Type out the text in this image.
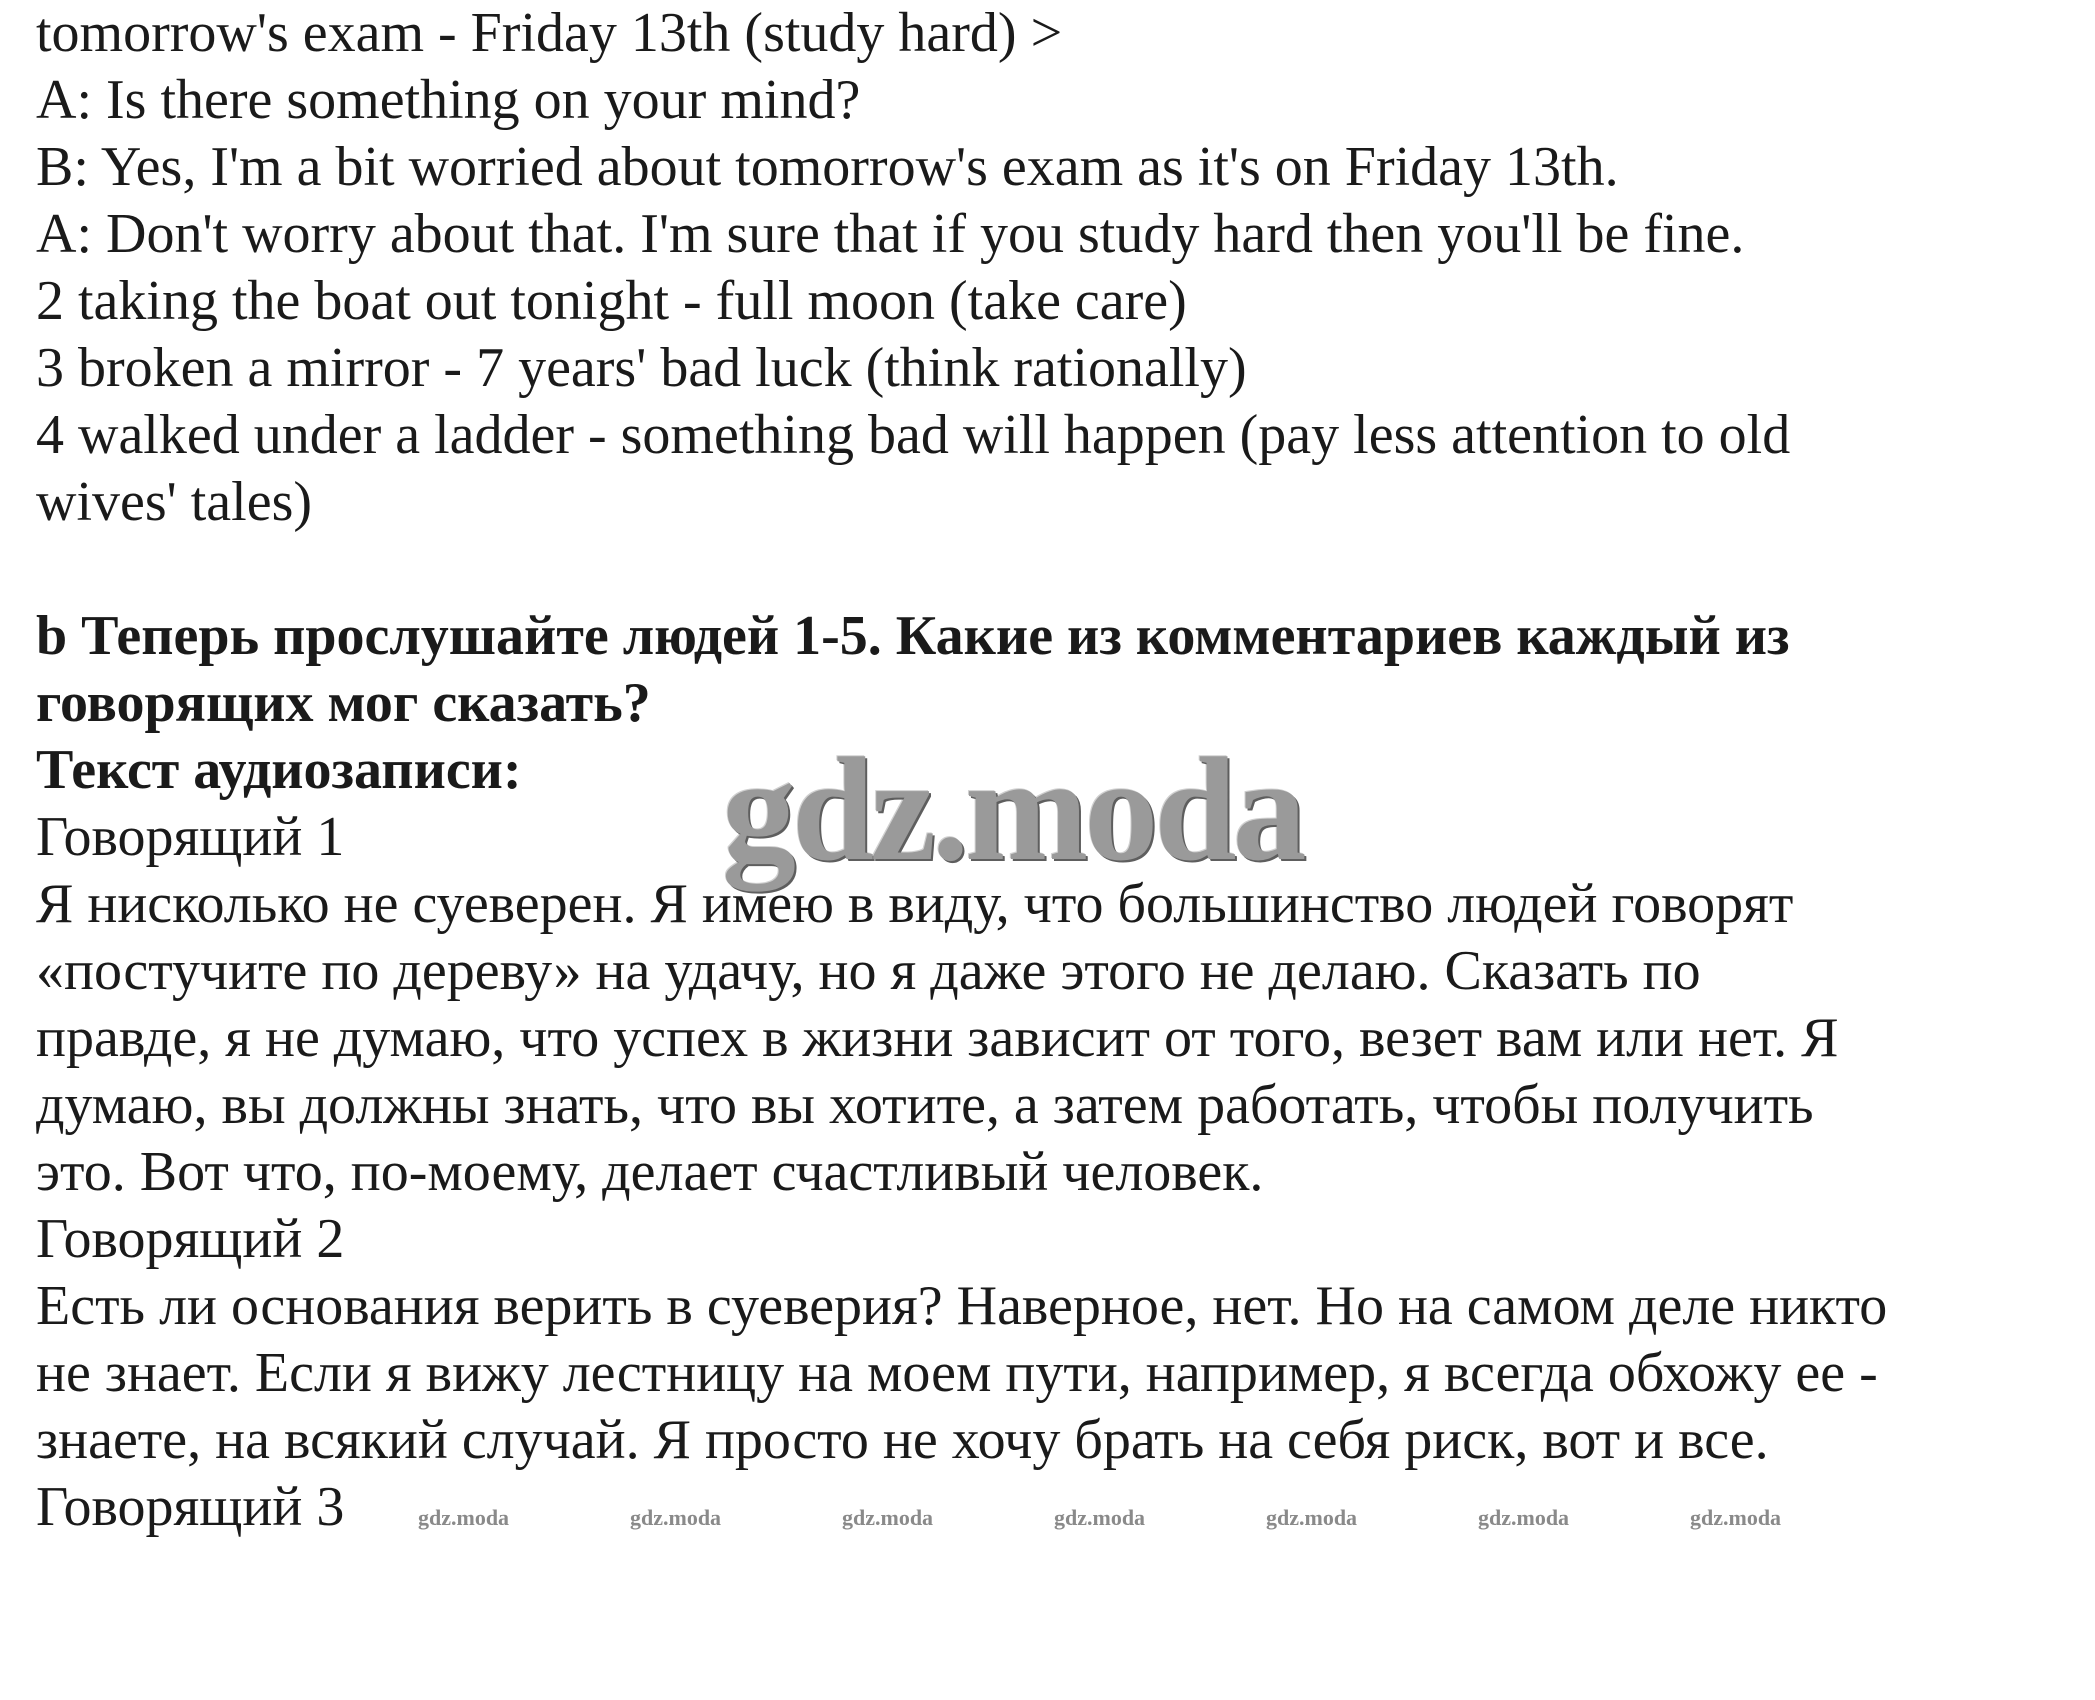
tomorrow's exam - Friday 13th (study hard) >
A: Is there something on your mind?
B: Yes, I'm a bit worried about tomorrow's exam as it's on Friday 13th.
A: Don't worry about that. I'm sure that if you study hard then you'll be fine.
2 taking the boat out tonight - full moon (take care)
3 broken a mirror - 7 years' bad luck (think rationally)
4 walked under a ladder - something bad will happen (pay less attention to old
wives' tales)
b Теперь прослушайте людей 1-5. Какие из комментариев каждый из
говорящих мог сказать?
Текст аудиозаписи:
Говорящий 1
Я нисколько не суеверен. Я имею в виду, что большинство людей говорят
«постучите по дереву» на удачу, но я даже этого не делаю. Сказать по
правде, я не думаю, что успех в жизни зависит от того, везет вам или нет. Я
думаю, вы должны знать, что вы хотите, а затем работать, чтобы получить
это. Вот что, по-моему, делает счастливый человек.
Говорящий 2
Есть ли основания верить в суеверия? Наверное, нет. Но на самом деле никто
не знает. Если я вижу лестницу на моем пути, например, я всегда обхожу ее -
знаете, на всякий случай. Я просто не хочу брать на себя риск, вот и все.
Говорящий 3
gdz.moda
gdz.moda	gdz.moda	gdz.moda	gdz.moda	gdz.moda	gdz.moda	gdz.moda
